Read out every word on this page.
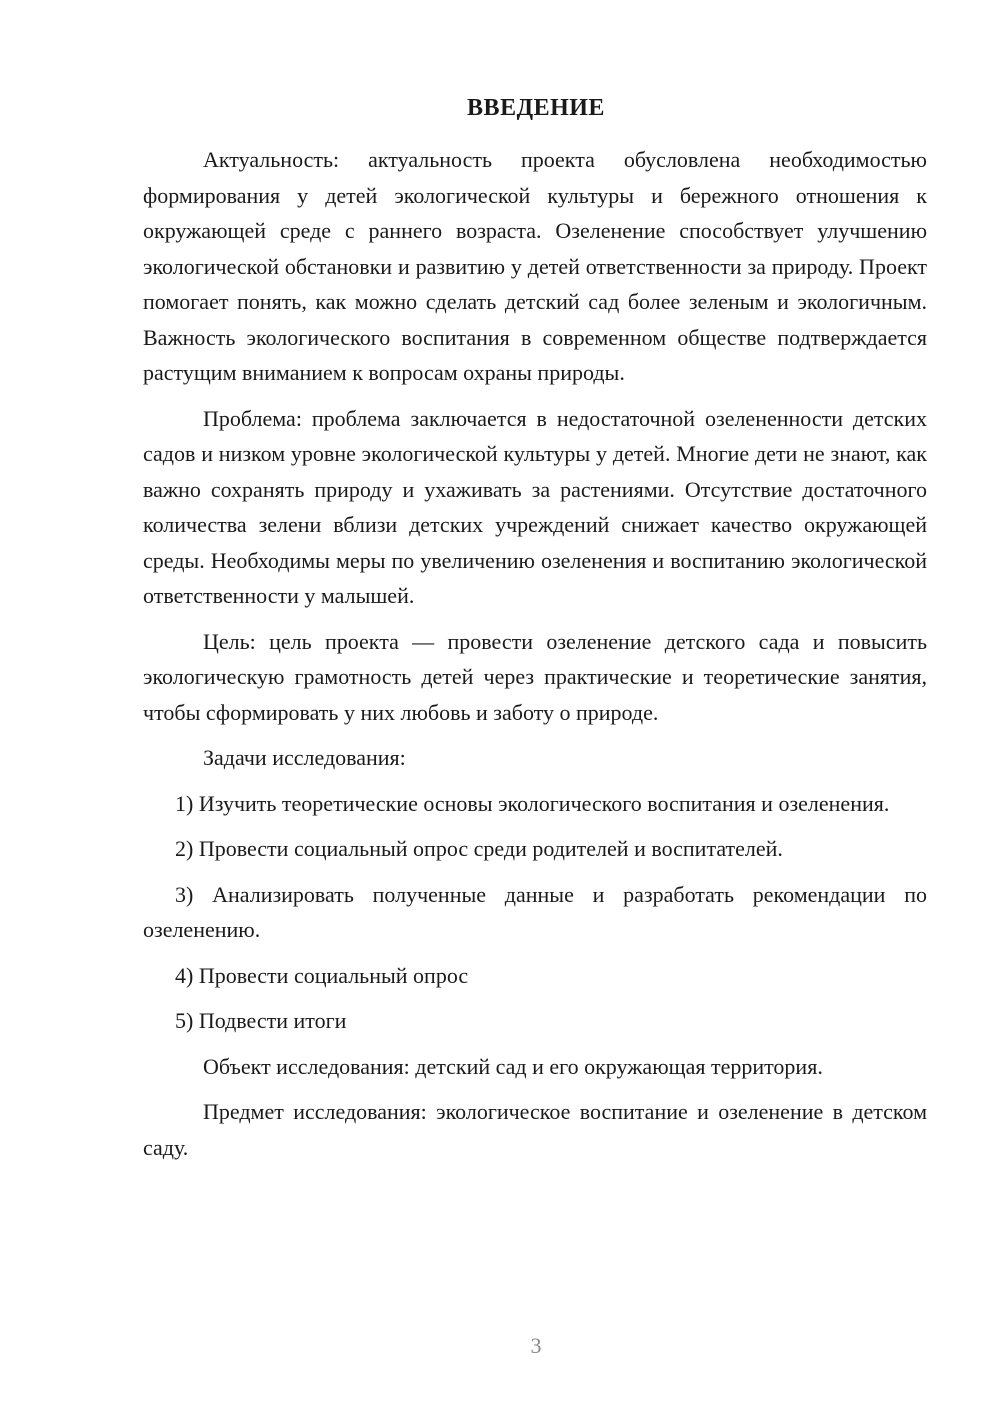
ВВЕДЕНИЕ

Актуальность: актуальность проекта обусловлена необходимостью формирования у детей экологической культуры и бережного отношения к окружающей среде с раннего возраста. Озеленение способствует улучшению экологической обстановки и развитию у детей ответственности за природу. Проект помогает понять, как можно сделать детский сад более зеленым и экологичным. Важность экологического воспитания в современном обществе подтверждается растущим вниманием к вопросам охраны природы.

Проблема: проблема заключается в недостаточной озелененности детских садов и низком уровне экологической культуры у детей. Многие дети не знают, как важно сохранять природу и ухаживать за растениями. Отсутствие достаточного количества зелени вблизи детских учреждений снижает качество окружающей среды. Необходимы меры по увеличению озеленения и воспитанию экологической ответственности у малышей.

Цель: цель проекта — провести озеленение детского сада и повысить экологическую грамотность детей через практические и теоретические занятия, чтобы сформировать у них любовь и заботу о природе.

Задачи исследования:

1) Изучить теоретические основы экологического воспитания и озеленения.

2) Провести социальный опрос среди родителей и воспитателей.

3) Анализировать полученные данные и разработать рекомендации по озеленению.

4) Провести социальный опрос

5) Подвести итоги

Объект исследования: детский сад и его окружающая территория.

Предмет исследования: экологическое воспитание и озеленение в детском саду.

3
